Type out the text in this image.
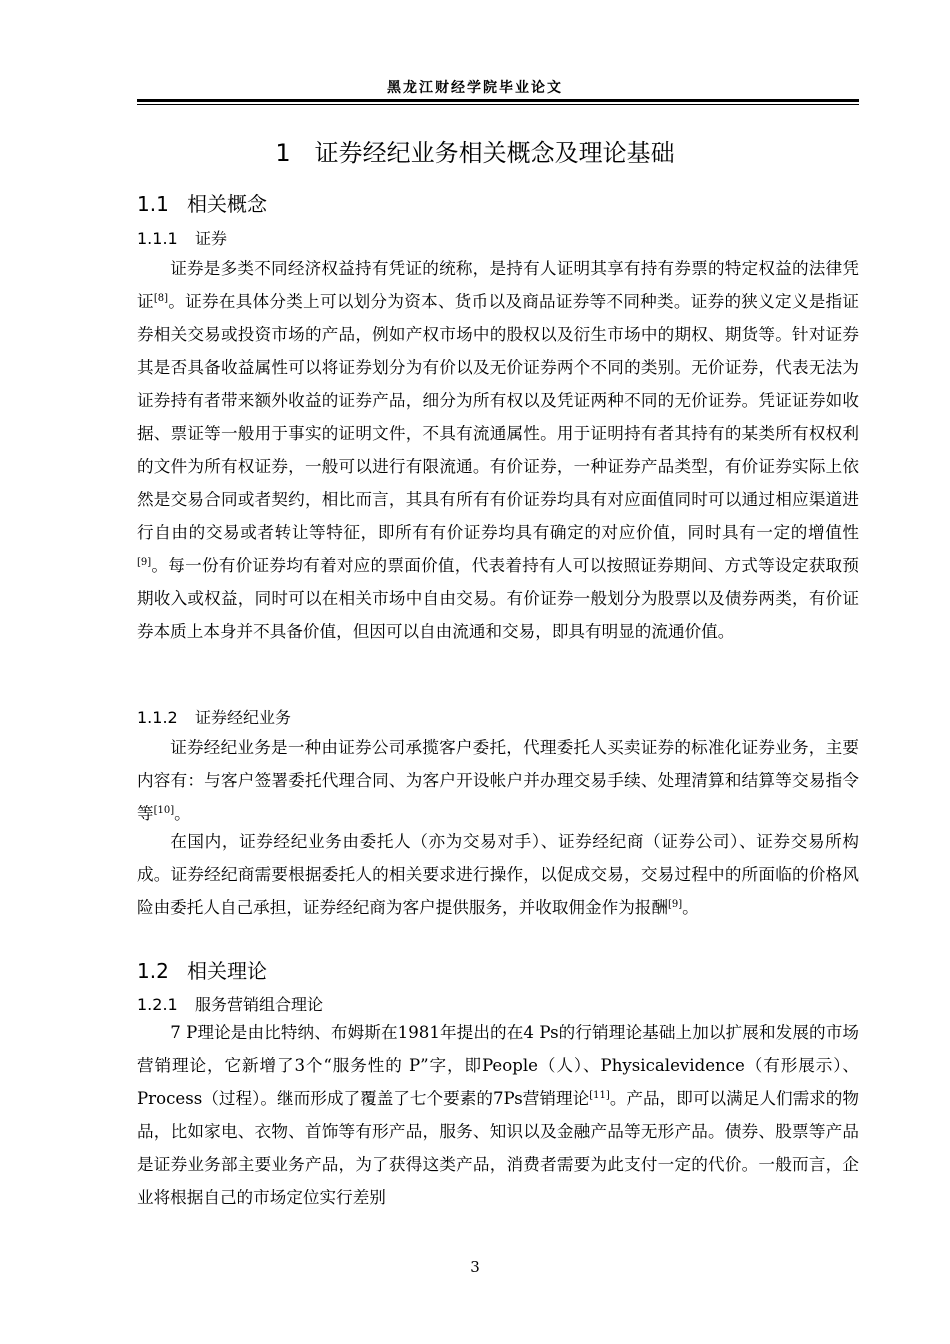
黑龙江财经学院毕业论文
1　证券经纪业务相关概念及理论基础
1.1 相关概念
1.1.1 证券

证券是多类不同经济权益持有凭证的统称，是持有人证明其享有持有券票的特定权益的法律凭证[8]。证券在具体分类上可以划分为资本、货币以及商品证券等不同种类。证券的狭义定义是指证券相关交易或投资市场的产品，例如产权市场中的股权以及衍生市场中的期权、期货等。针对证券其是否具备收益属性可以将证券划分为有价以及无价证券两个不同的类别。无价证券，代表无法为证券持有者带来额外收益的证券产品，细分为所有权以及凭证两种不同的无价证券。凭证证券如收据、票证等一般用于事实的证明文件，不具有流通属性。用于证明持有者其持有的某类所有权权利的文件为所有权证券，一般可以进行有限流通。有价证券，一种证券产品类型，有价证券实际上依然是交易合同或者契约，相比而言，其具有所有有价证券均具有对应面值同时可以通过相应渠道进行自由的交易或者转让等特征，即所有有价证券均具有确定的对应价值，同时具有一定的增值性[9]。每一份有价证券均有着对应的票面价值，代表着持有人可以按照证券期间、方式等设定获取预期收入或权益，同时可以在相关市场中自由交易。有价证券一般划分为股票以及债券两类，有价证券本质上本身并不具备价值，但因可以自由流通和交易，即具有明显的流通价值。

1.1.2 证券经纪业务

证券经纪业务是一种由证券公司承揽客户委托，代理委托人买卖证券的标准化证券业务，主要内容有：与客户签署委托代理合同、为客户开设帐户并办理交易手续、处理清算和结算等交易指令等[10]。

在国内，证券经纪业务由委托人（亦为交易对手）、证券经纪商（证券公司）、证券交易所构成。证券经纪商需要根据委托人的相关要求进行操作，以促成交易，交易过程中的所面临的价格风险由委托人自己承担，证券经纪商为客户提供服务，并收取佣金作为报酬[9]。

1.2 相关理论
1.2.1 服务营销组合理论

7 P理论是由比特纳、布姆斯在1981年提出的在4 Ps的行销理论基础上加以扩展和发展的市场营销理论，它新增了3个“服务性的 P”字，即People（人）、Physicalevidence（有形展示）、Process（过程）。继而形成了覆盖了七个要素的7Ps营销理论[11]。产品，即可以满足人们需求的物品，比如家电、衣物、首饰等有形产品，服务、知识以及金融产品等无形产品。债券、股票等产品是证券业务部主要业务产品，为了获得这类产品，消费者需要为此支付一定的代价。一般而言，企业将根据自己的市场定位实行差别

3
